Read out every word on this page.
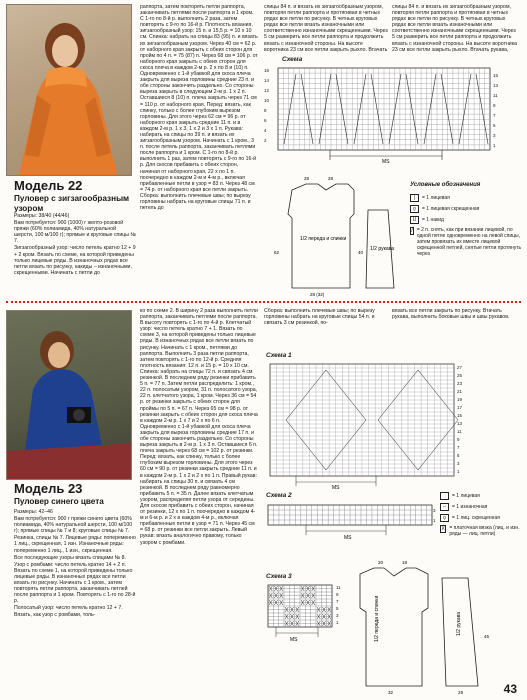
Модель 22
Пуловер с зигзагообразным узором

Размеры: 38/40 (44/46)

Вам потребуется: 900 (1000) г желто-розовой пряжи (60% полиамида, 40% натуральной шерсти, 100 м/100 г); прямые и круговые спицы № 7.

Зигзагообразный узор: число петель кратно 12 + 9 + 2 кром. Вязать по схеме, на которой приведены только лицевые ряды. В изнаночных рядах все петли вязать по рисунку, накиды – изнаночными, скрещенными. Начинать с петли до

раппорта, затем повторять петли раппорта, заканчивать петлями после раппорта и 1 кром. С 1-го по 8-й р. выполнить 2 раза, затем повторять с 9-го по 16-й р. Плотность вязания, зигзагообразный узор: 15 п. и 15,5 р. = 10 х 10 см. Спинка: набрать на спицы 83 (95) п. и вязать их зигзагообразным узором. Через 40 см = 62 р. от наборного края закрыть с обеих сторон для пройм по 4 п. = 75 (87) п. Через 68 см = 106 р. от наборного края закрыть с обеих сторон для скоса плеча в каждом 2-м р. 2 х по 8 и (10) п. Одновременно с 1-й убавкой для скоса плеча закрыть для выреза горловины средние 23 п. и обе стороны закончить раздельно. Со стороны выреза закрыть в следующем 2-м р. 1 х 2 п. Оставшиеся 8 (10) п. плеча закрыть через 71 см = 110 р. от наборного края. Перед: вязать, как спинку, только с более глубоким вырезом горловины. Для этого через 62 см = 96 р. от наборного края закрыть средние 11 п. и в каждом 2-м р. 1 х 3, 1 х 2 и 3 х 1 п. Рукава: набирать на спицы по 39 п. и вязать их зигзагообразным узором. Начинать с 1 кром., 3 п. после петель раппорта, заканчивать петлями после раппорта и 1 кром. С 1-го по 8-й р. выполнить 1 раз, затем повторять с 9-го по 16-й р. Для скосов прибавить с обеих сторон, начиная от наборного края, 22 х по 1 п. поочередно в каждом 2-м и 4-м р., включая прибавленные петли в узор = 83 п. Через 48 см = 74 р. от наборного края все петли закрыть. Сборка: выполнить плечевые швы; по вырезу горловины набрать на круговые спицы 71 п. и петель до

спицы 84 п. и вязать их зигзагообразным узором, повторяя петли раппорта и протягивая в четных рядах все петли по рисунку. В четных круговых рядах все петли вязать изнаночными или соответственно изнаночными скрещенными. Через 5 см разверить все петли раппорта и продолжить вязать с изнаночной стороны. На высоте воротника 23 см все петли закрыть рыхло. Втачать

спицы 84 п. и вязать их зигзагообразным узором, повторяя петли раппорта и протягивая в четных рядах все петли по рисунку. В четных круговых рядах все петли вязать изнаночными или соответственно изнаночными скрещенными. Через 5 см разверить все петли раппорта и продолжить вязать с изнаночной стороны. На высоте воротника 23 см все петли закрыть рыхло. Втачать рукава,

Схема
MS
16
14
12
10
8
6
4
2
15
13
11
9
7
5
3
1
1/2 переда и спинки
1/2 рукава
28	28
62	40
28 (32)
Условные обозначения
|	= 1 лицевая
ǫ	= 1 лицевая скрещенная
U	= 1 накид
/ = 2 п. снять, как при вязании лицевой, по одной петле одновременно на левой спицы, затем провязать их вместе лицевой скрещенной петлей, снятые петли протянуть через
Модель 23
Пуловер синего цвета

Размеры: 42–46

Вам потребуется: 900 г пряжи синего цвета (60% полиамида, 40% натуральной шерсти, 100 м/100 г); прямые спицы № 7 и 8; круговые спицы № 7.

Резинка, спицы № 7. Лицевые ряды: попеременно 1 лиц., скрещенная, 1 изн. Изнаночные ряды: попеременно 1 лиц., 1 изн., скрещенная.

Все последующие узоры вязать спицами № 8.

Узор с ромбами: число петель кратно 14 + 2 п. Вязать по схеме 1, на которой приведены только лицевые ряды. В изнаночных рядах все петли вязать по рисунку. Начинать с 1 кром., затем повторять петли раппорта, заканчивать петлей после раппорта и 1 кром. Повторять с 1-го по 28-й р.

Полосатый узор: число петель кратно 12 + 7. Вязать, как узор с ромбами, толь-

ко по схеме 2. В ширину 2 раза выполнить петли раппорта, заканчивать петлями после раппорта. В высоту повторять с 1-го по 4-й р. Клетчатый узор: число петель кратно 7 + 1. Вязать по схеме 3, на которой приведены только лицевые ряды. В изнаночных рядах все петли вязать по рисунку. Начинать с 1 кром., петлями до раппорта. Выполнить 3 раза петли раппорта, затем повторять с 1-го по 12-й р. Средняя плотность вязания: 12 п. и 15 р. = 10 х 10 см. Спинка: набрать на спицы 72 п. и связать 4 см резинкой. В последнем ряду резинки прибавить 5 п. = 77 п. Затем петли распределить: 1 кром., 22 п. полосатым узором, 31 п. полосатого узора, 22 п. клетчатого узора, 1 кром. Через 36 см = 54 р. от резинки закрыть с обеих сторон для проймы по 5 п. = 67 п. Через 65 см = 98 р. от резинки закрыть с обеих сторон для скоса плеча в каждом 2-м р. 1 х 7 и 2 х по 6 п. Одновременно с 1-й убавкой для скоса плеча закрыть для выреза горловины средние 17 п. и обе стороны закончить раздельно. Со стороны выреза закрыть в 2-м р. 1 х 3 п. Оставшиеся 6 п. плеча закрыть через 68 см = 102 р. от резинки. Перед: вязать, как спинку, только с более глубоким вырезом горловины. Для этого через 60 см = 90 р. от резинки закрыть средние 11 п. и в каждом 2-м р. 1 х 2 и 2 х по 1 п. Правый рукав: набирать на спицы 30 п. и связать 4 см резинкой. В последнем ряду равномерно прибавить 5 п. = 35 п. Далее вязать клетчатым узором, распределяя петли узора от середины. Для скосов прибавить с обеих сторон, начиная от резинки, 12 х по 1 п. поочередно в каждом 4-м и 6-м р. и 2 х в каждом 4-м р., включая прибавленные петли в узор = 71 п. Через 45 см = 68 р. от резинки все петли закрыть. Левый рукав: вязать аналогично правому, только узором с ромбами.

Сборка: выполнить плечевые швы; по вырезу горловины набрать на круговые спицы 54 п. и связать 3 см резинкой, по-

вязать все петли закрыть по рисунку. Втачать рукава, выполнить боковые швы и швы рукавов.

Схема 1
MS
27
25
23
21
19
17
15
13
11
9
7
5
3
1
Схема 2
MS
3
1
= 1 лицевая
–	= 1 изнаночная
ǫ	= 1 лиц. скрещенная
X = платочная вязка (лиц. и изн. ряды — лиц. петли)
Схема 3
MS
11
9
7
5
3
1	1/2 переда и спинки	1/2 рукава
20	18
32
45
29	43
